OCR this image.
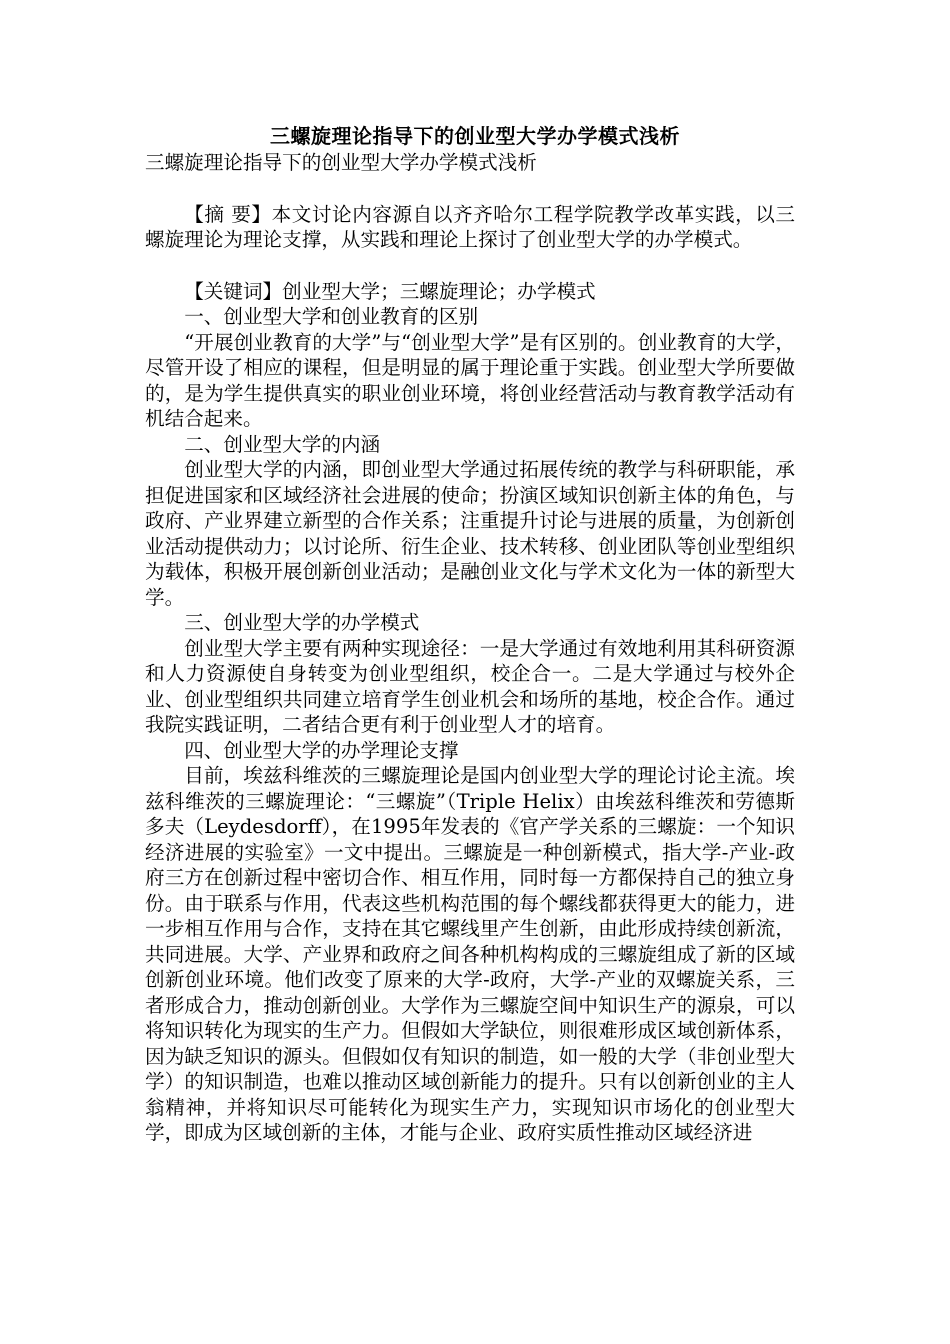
三螺旋理论指导下的创业型大学办学模式浅析

三螺旋理论指导下的创业型大学办学模式浅析

【摘 要】本文讨论内容源自以齐齐哈尔工程学院教学改革实践，以三螺旋理论为理论支撑，从实践和理论上探讨了创业型大学的办学模式。

【关键词】创业型大学；三螺旋理论；办学模式

一、创业型大学和创业教育的区别

“开展创业教育的大学”与“创业型大学”是有区别的。创业教育的大学，尽管开设了相应的课程，但是明显的属于理论重于实践。创业型大学所要做的，是为学生提供真实的职业创业环境，将创业经营活动与教育教学活动有机结合起来。

二、创业型大学的内涵

创业型大学的内涵，即创业型大学通过拓展传统的教学与科研职能，承担促进国家和区域经济社会进展的使命；扮演区域知识创新主体的角色，与政府、产业界建立新型的合作关系；注重提升讨论与进展的质量，为创新创业活动提供动力；以讨论所、衍生企业、技术转移、创业团队等创业型组织为载体，积极开展创新创业活动；是融创业文化与学术文化为一体的新型大学。

三、创业型大学的办学模式

创业型大学主要有两种实现途径：一是大学通过有效地利用其科研资源和人力资源使自身转变为创业型组织，校企合一。二是大学通过与校外企业、创业型组织共同建立培育学生创业机会和场所的基地，校企合作。通过我院实践证明，二者结合更有利于创业型人才的培育。

四、创业型大学的办学理论支撑

目前，埃兹科维茨的三螺旋理论是国内创业型大学的理论讨论主流。埃兹科维茨的三螺旋理论：“三螺旋”（Triple Helix）由埃兹科维茨和劳德斯多夫（Leydesdorff），在1995年发表的《官产学关系的三螺旋：一个知识经济进展的实验室》一文中提出。三螺旋是一种创新模式，指大学-产业-政府三方在创新过程中密切合作、相互作用，同时每一方都保持自己的独立身份。由于联系与作用，代表这些机构范围的每个螺线都获得更大的能力，进一步相互作用与合作，支持在其它螺线里产生创新，由此形成持续创新流，共同进展。大学、产业界和政府之间各种机构构成的三螺旋组成了新的区域创新创业环境。他们改变了原来的大学-政府，大学-产业的双螺旋关系，三者形成合力，推动创新创业。大学作为三螺旋空间中知识生产的源泉，可以将知识转化为现实的生产力。但假如大学缺位，则很难形成区域创新体系，因为缺乏知识的源头。但假如仅有知识的制造，如一般的大学（非创业型大学）的知识制造，也难以推动区域创新能力的提升。只有以创新创业的主人翁精神，并将知识尽可能转化为现实生产力，实现知识市场化的创业型大学，即成为区域创新的主体，才能与企业、政府实质性推动区域经济进
